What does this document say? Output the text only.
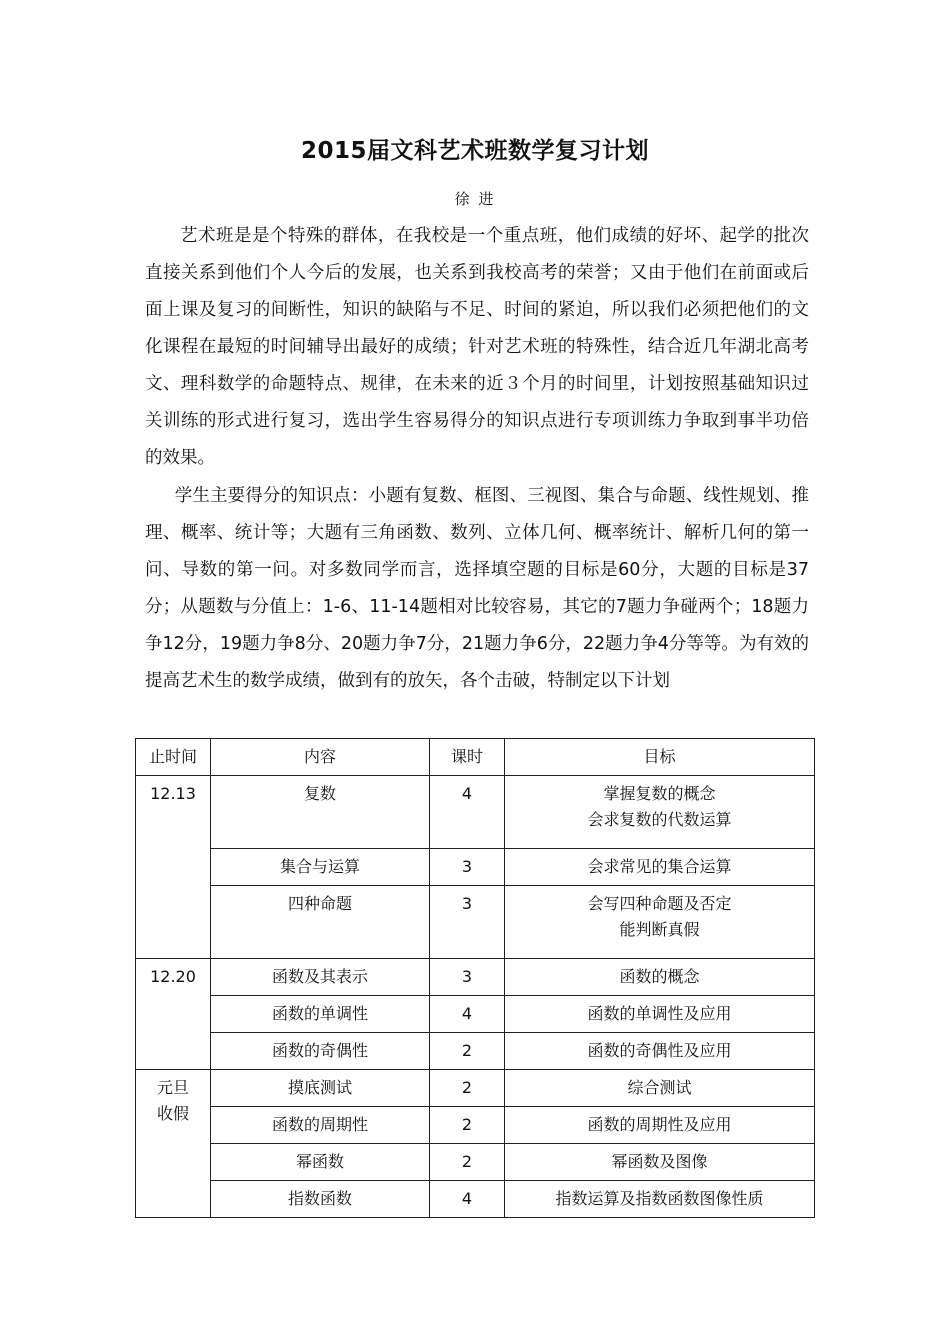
2015届文科艺术班数学复习计划
徐 进

艺术班是是个特殊的群体，在我校是一个重点班，他们成绩的好坏、起学的批次直接关系到他们个人今后的发展，也关系到我校高考的荣誉；又由于他们在前面或后面上课及复习的间断性，知识的缺陷与不足、时间的紧迫，所以我们必须把他们的文化课程在最短的时间辅导出最好的成绩；针对艺术班的特殊性，结合近几年湖北高考文、理科数学的命题特点、规律，在未来的近３个月的时间里，计划按照基础知识过关训练的形式进行复习，选出学生容易得分的知识点进行专项训练力争取到事半功倍的效果。

学生主要得分的知识点：小题有复数、框图、三视图、集合与命题、线性规划、推理、概率、统计等；大题有三角函数、数列、立体几何、概率统计、解析几何的第一问、导数的第一问。对多数同学而言，选择填空题的目标是60分，大题的目标是37分；从题数与分值上：1-6、11-14题相对比较容易，其它的7题力争碰两个；18题力争12分，19题力争8分、20题力争7分，21题力争6分，22题力争4分等等。为有效的提高艺术生的数学成绩，做到有的放矢，各个击破，特制定以下计划

止时间	内容	课时	目标
12.13	复数	4	掌握复数的概念
会求复数的代数运算

	集合与运算	3	会求常见的集合运算

	四种命题	3	会写四种命题及否定
能判断真假

12.20	函数及其表示	3	函数的概念

	函数的单调性	4	函数的单调性及应用

	函数的奇偶性	2	函数的奇偶性及应用

元旦
收假	摸底测试	2	综合测试

	函数的周期性	2	函数的周期性及应用

	幂函数	2	幂函数及图像

	指数函数	4	指数运算及指数函数图像性质
